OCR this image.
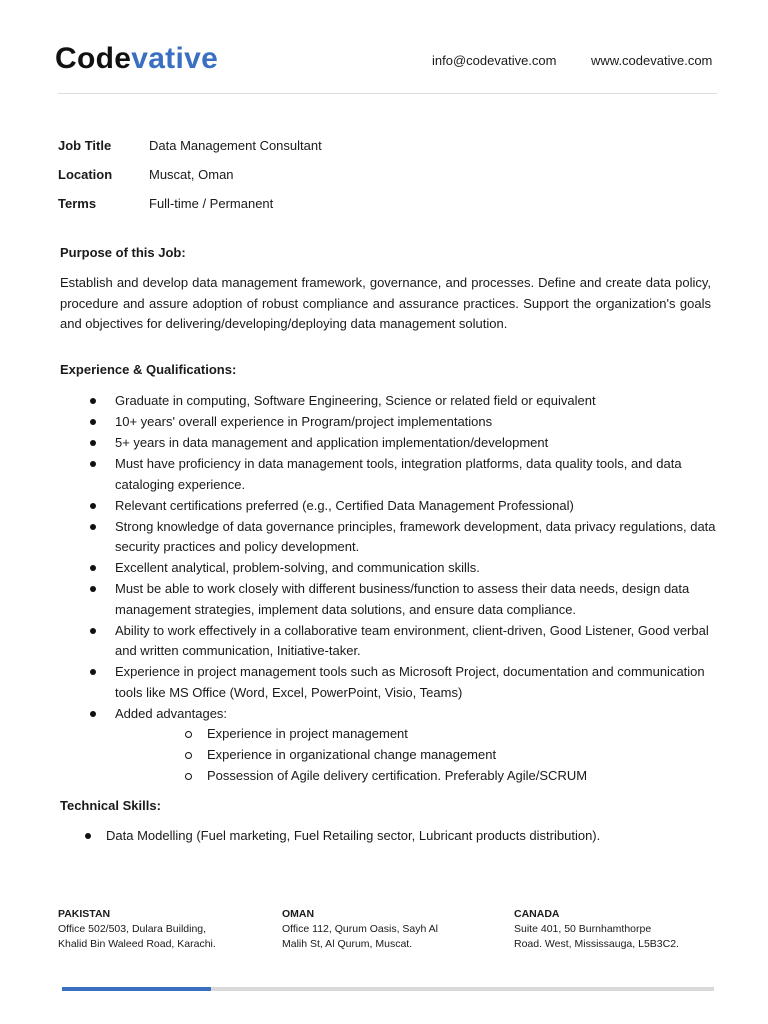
Codevative	info@codevative.com	www.codevative.com
Job Title	Data Management Consultant
Location	Muscat, Oman
Terms	Full-time / Permanent
Purpose of this Job:
Establish and develop data management framework, governance, and processes. Define and create data policy, procedure and assure adoption of robust compliance and assurance practices. Support the organization's goals and objectives for delivering/developing/deploying data management solution.
Experience & Qualifications:
Graduate in computing, Software Engineering, Science or related field or equivalent
10+ years' overall experience in Program/project implementations
5+ years in data management and application implementation/development
Must have proficiency in data management tools, integration platforms, data quality tools, and data cataloging experience.
Relevant certifications preferred (e.g., Certified Data Management Professional)
Strong knowledge of data governance principles, framework development, data privacy regulations, data security practices and policy development.
Excellent analytical, problem-solving, and communication skills.
Must be able to work closely with different business/function to assess their data needs, design data management strategies, implement data solutions, and ensure data compliance.
Ability to work effectively in a collaborative team environment, client-driven, Good Listener, Good verbal and written communication, Initiative-taker.
Experience in project management tools such as Microsoft Project, documentation and communication tools like MS Office (Word, Excel, PowerPoint, Visio, Teams)
Added advantages:
Experience in project management
Experience in organizational change management
Possession of Agile delivery certification. Preferably Agile/SCRUM
Technical Skills:
Data Modelling (Fuel marketing, Fuel Retailing sector, Lubricant products distribution).
PAKISTAN
Office 502/503, Dulara Building,
Khalid Bin Waleed Road, Karachi.
OMAN
Office 112, Qurum Oasis, Sayh Al
Malih St, Al Qurum, Muscat.
CANADA
Suite 401, 50 Burnhamthorpe
Road. West, Mississauga, L5B3C2.
